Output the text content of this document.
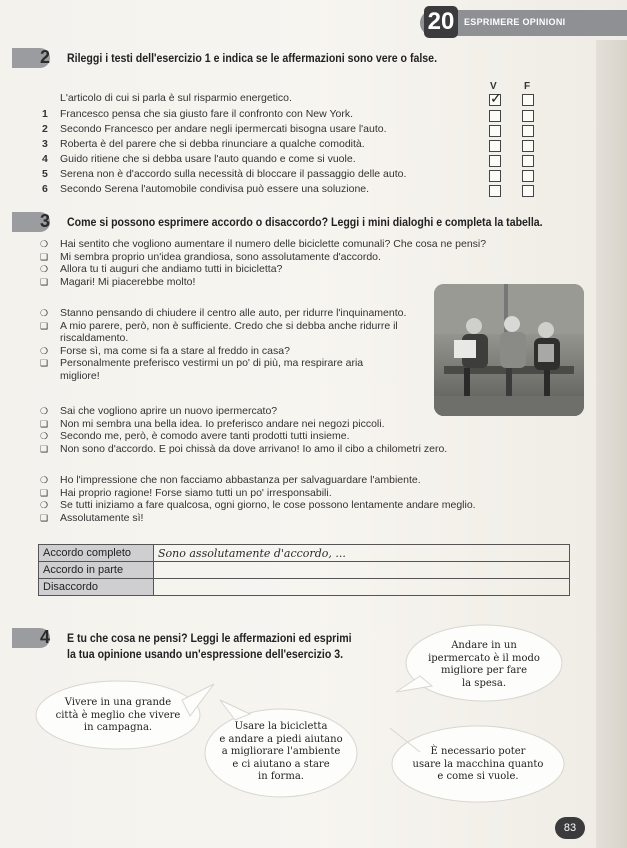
20	ESPRIMERE OPINIONI
2 Rileggi i testi dell'esercizio 1 e indica se le affermazioni sono vere o false.
V	F
L'articolo di cui si parla è sul risparmio energetico.	✓
1 Francesco pensa che sia giusto fare il confronto con New York.
2 Secondo Francesco per andare negli ipermercati bisogna usare l'auto.
3 Roberta è del parere che si debba rinunciare a qualche comodità.
4 Guido ritiene che si debba usare l'auto quando e come si vuole.
5 Serena non è d'accordo sulla necessità di bloccare il passaggio delle auto.
6 Secondo Serena l'automobile condivisa può essere una soluzione.
3 Come si possono esprimere accordo o disaccordo? Leggi i mini dialoghi e completa la tabella.
❍ Hai sentito che vogliono aumentare il numero delle biciclette comunali? Che cosa ne pensi?
❑ Mi sembra proprio un'idea grandiosa, sono assolutamente d'accordo.
❍ Allora tu ti auguri che andiamo tutti in bicicletta?
❑ Magari! Mi piacerebbe molto!
❍ Stanno pensando di chiudere il centro alle auto, per ridurre l'inquinamento.
❑ A mio parere, però, non è sufficiente. Credo che si debba anche ridurre il
riscaldamento.
❍ Forse sì, ma come si fa a stare al freddo in casa?
❑ Personalmente preferisco vestirmi un po' di più, ma respirare aria
migliore!
❍ Sai che vogliono aprire un nuovo ipermercato?
❑ Non mi sembra una bella idea. Io preferisco andare nei negozi piccoli.
❍ Secondo me, però, è comodo avere tanti prodotti tutti insieme.
❑ Non sono d'accordo. E poi chissà da dove arrivano! Io amo il cibo a chilometri zero.
❍ Ho l'impressione che non facciamo abbastanza per salvaguardare l'ambiente.
❑ Hai proprio ragione! Forse siamo tutti un po' irresponsabili.
❍ Se tutti iniziamo a fare qualcosa, ogni giorno, le cose possono lentamente andare meglio.
❑ Assolutamente sì!
Accordo completo	Sono assolutamente d'accordo, ...
Accordo in parte	
Disaccordo	
4 E tu che cosa ne pensi? Leggi le affermazioni ed esprimi
la tua opinione usando un'espressione dell'esercizio 3.
Andare in un
ipermercato è il modo
migliore per fare
la spesa.
Vivere in una grande
città è meglio che vivere
in campagna.	Usare la bicicletta
e andare a piedi aiutano
a migliorare l'ambiente
e ci aiutano a stare
in forma.
È necessario poter
usare la macchina quanto
e come si vuole.
83
